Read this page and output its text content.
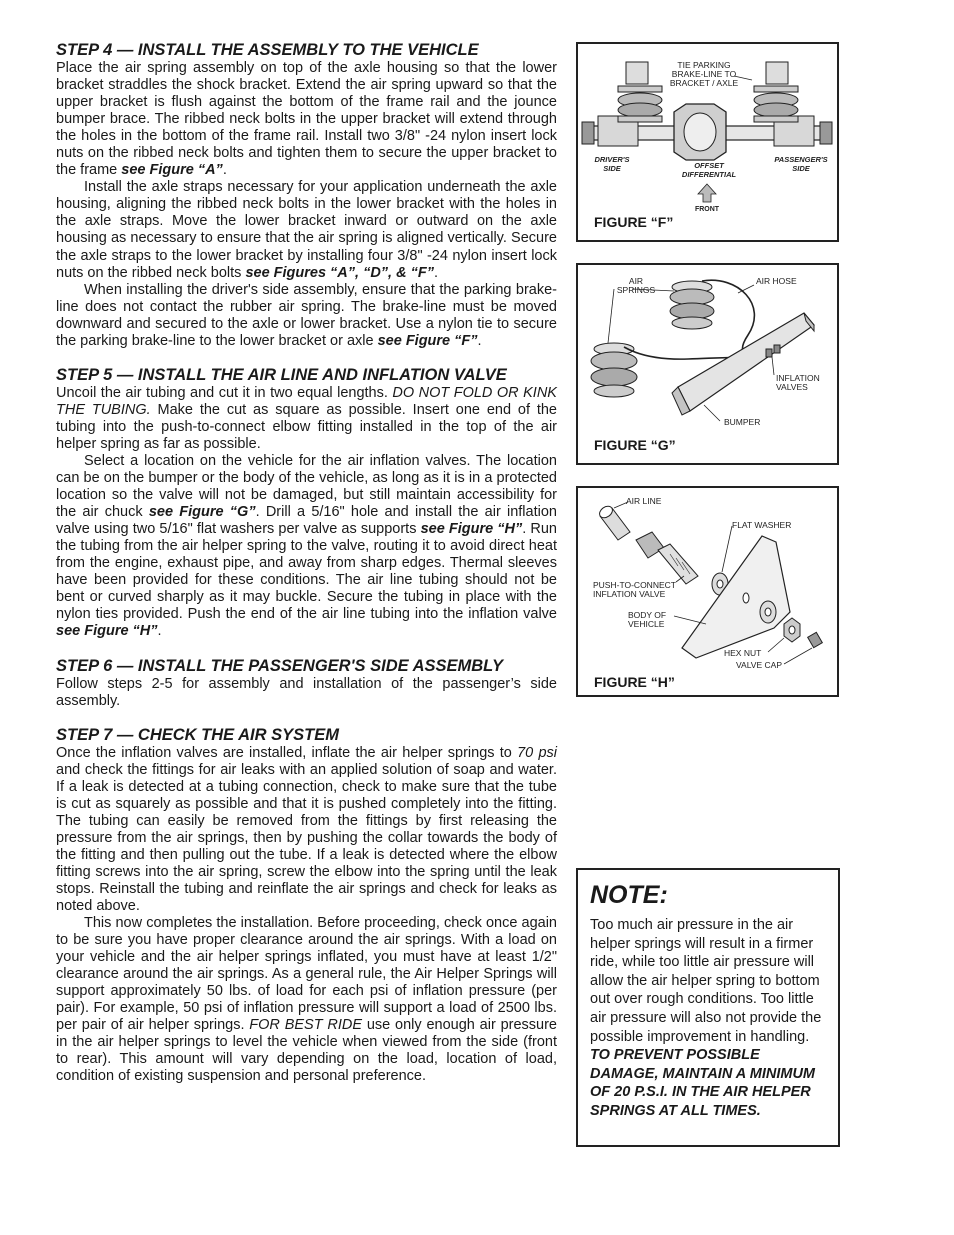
STEP 4 — INSTALL THE ASSEMBLY TO THE VEHICLE

Place the air spring assembly on top of the axle housing so that the lower bracket straddles the shock bracket. Extend the air spring upward so that the upper bracket is flush against the bottom of the frame rail and the jounce bumper brace. The ribbed neck bolts in the upper bracket will extend through the holes in the bottom of the frame rail. Install two 3/8" -24 nylon insert lock nuts on the ribbed neck bolts and tighten them to secure the upper bracket to the frame see Figure “A”.

Install the axle straps necessary for your application underneath the axle housing, aligning the ribbed neck bolts in the lower bracket with the holes in the axle straps. Move the lower bracket inward or outward on the axle housing as necessary to ensure that the air spring is aligned vertically. Secure the axle straps to the lower bracket by installing four 3/8" -24 nylon insert lock nuts on the ribbed neck bolts see Figures “A”, “D”, & “F”.

When installing the driver's side assembly, ensure that the parking brake-line does not contact the rubber air spring. The brake-line must be moved downward and secured to the axle or lower bracket. Use a nylon tie to secure the parking brake-line to the lower bracket or axle see Figure “F”.

STEP 5 — INSTALL THE AIR LINE AND INFLATION VALVE

Uncoil the air tubing and cut it in two equal lengths. DO NOT FOLD OR KINK THE TUBING. Make the cut as square as possible. Insert one end of the tubing into the push-to-connect elbow fitting installed in the top of the air helper spring as far as possible.

Select a location on the vehicle for the air inflation valves. The location can be on the bumper or the body of the vehicle, as long as it is in a protected location so the valve will not be damaged, but still maintain accessibility for the air chuck see Figure “G”. Drill a 5/16" hole and install the air inflation valve using two 5/16" flat washers per valve as supports see Figure “H”. Run the tubing from the air helper spring to the valve, routing it to avoid direct heat from the engine, exhaust pipe, and away from sharp edges. Thermal sleeves have been provided for these conditions. The air line tubing should not be bent or curved sharply as it may buckle. Secure the tubing in place with the nylon ties provided. Push the end of the air line tubing into the inflation valve see Figure “H”.

STEP 6 — INSTALL THE PASSENGER'S SIDE ASSEMBLY

Follow steps 2-5 for assembly and installation of the passenger’s side assembly.

STEP 7 — CHECK THE AIR SYSTEM

Once the inflation valves are installed, inflate the air helper springs to 70 psi and check the fittings for air leaks with an applied solution of soap and water. If a leak is detected at a tubing connection, check to make sure that the tube is cut as squarely as possible and that it is pushed completely into the fitting. The tubing can easily be removed from the fittings by first releasing the pressure from the air springs, then by pushing the collar towards the body of the fitting and then pulling out the tube. If a leak is detected where the elbow fitting screws into the air spring, screw the elbow into the spring until the leak stops. Reinstall the tubing and reinflate the air springs and check for leaks as noted above.

This now completes the installation. Before proceeding, check once again to be sure you have proper clearance around the air springs. With a load on your vehicle and the air helper springs inflated, you must have at least 1/2" clearance around the air springs. As a general rule, the Air Helper Springs will support approximately 50 lbs. of load for each psi of inflation pressure (per pair). For example, 50 psi of inflation pressure will support a load of 2500 lbs. per pair of air helper springs. FOR BEST RIDE use only enough air pressure in the air helper springs to level the vehicle when viewed from the side (front to rear). This amount will vary depending on the load, location of load, condition of existing suspension and personal preference.

TIE PARKING
BRAKE-LINE TO
BRACKET / AXLE
DRIVER'S
SIDE	OFFSET
DIFFERENTIAL
PASSENGER'S
SIDE
FRONT
FIGURE “F”
AIR
SPRINGS
AIR HOSE
INFLATION
VALVES
BUMPER
FIGURE “G”
AIR LINE
FLAT WASHER
PUSH-TO-CONNECT
INFLATION VALVE
BODY OF
VEHICLE
HEX NUT
VALVE CAP
FIGURE “H”

NOTE:

Too much air pressure in the air helper springs will result in a firmer ride, while too little air pressure will allow the air helper spring to bottom out over rough conditions. Too little air pressure will also not provide the possible improvement in handling. TO PREVENT POSSIBLE DAMAGE, MAINTAIN A MINIMUM OF 20 P.S.I. IN THE AIR HELPER SPRINGS AT ALL TIMES.
